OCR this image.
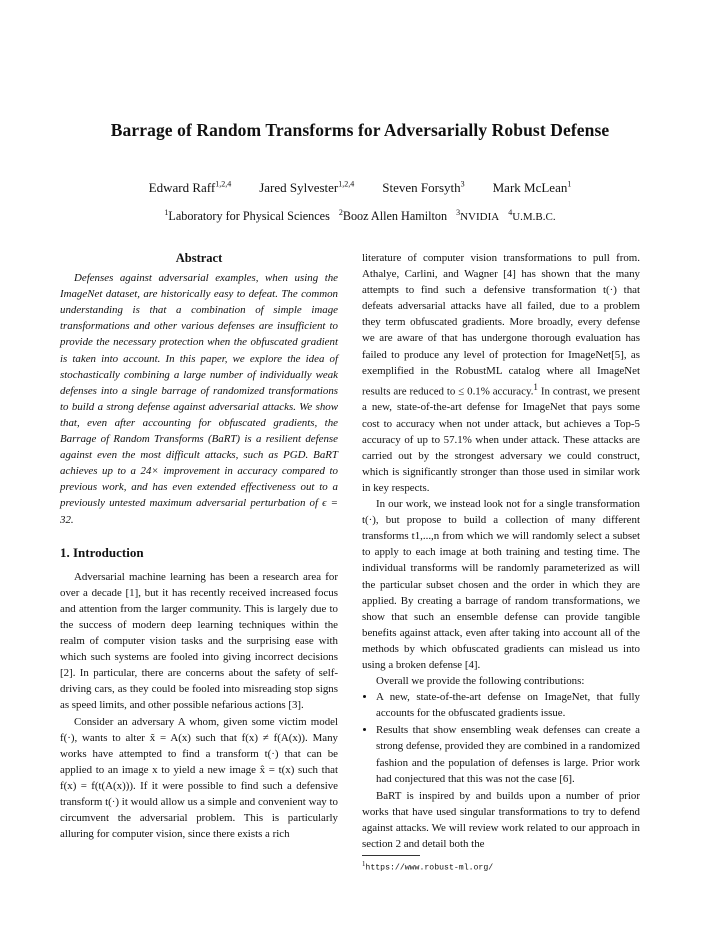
Barrage of Random Transforms for Adversarially Robust Defense
Edward Raff$^{1,2,4}$ Jared Sylvester$^{1,2,4}$ Steven Forsyth$^3$ Mark McLean$^1$
$^1$Laboratory for Physical Sciences $^2$Booz Allen Hamilton $^3$NVIDIA $^4$U.M.B.C.
Abstract

Defenses against adversarial examples, when using the ImageNet dataset, are historically easy to defeat. The common understanding is that a combination of simple image transformations and other various defenses are insufficient to provide the necessary protection when the obfuscated gradient is taken into account. In this paper, we explore the idea of stochastically combining a large number of individually weak defenses into a single barrage of randomized transformations to build a strong defense against adversarial attacks. We show that, even after accounting for obfuscated gradients, the Barrage of Random Transforms (BaRT) is a resilient defense against even the most difficult attacks, such as PGD. BaRT achieves up to a 24× improvement in accuracy compared to previous work, and has even extended effectiveness out to a previously untested maximum adversarial perturbation of ϵ = 32.

1. Introduction

Adversarial machine learning has been a research area for over a decade [1], but it has recently received increased focus and attention from the larger community. This is largely due to the success of modern deep learning techniques within the realm of computer vision tasks and the surprising ease with which such systems are fooled into giving incorrect decisions [2]. In particular, there are concerns about the safety of self-driving cars, as they could be fooled into misreading stop signs as speed limits, and other possible nefarious actions [3].

Consider an adversary A whom, given some victim model f(·), wants to alter x̃ = A(x) such that f(x) ≠ f(A(x)). Many works have attempted to find a transform t(·) that can be applied to an image x to yield a new image x̂ = t(x) such that f(x) = f(t(A(x))). If it were possible to find such a defensive transform t(·) it would allow us a simple and convenient way to circumvent the adversarial problem. This is particularly alluring for computer vision, since there exists a rich

literature of computer vision transformations to pull from. Athalye, Carlini, and Wagner [4] has shown that the many attempts to find such a defensive transformation t(·) that defeats adversarial attacks have all failed, due to a problem they term obfuscated gradients. More broadly, every defense we are aware of that has undergone thorough evaluation has failed to produce any level of protection for ImageNet[5], as exemplified in the RobustML catalog where all ImageNet results are reduced to ≤ 0.1% accuracy.$^1$ In contrast, we present a new, state-of-the-art defense for ImageNet that pays some cost to accuracy when not under attack, but achieves a Top-5 accuracy of up to 57.1% when under attack. These attacks are carried out by the strongest adversary we could construct, which is significantly stronger than those used in similar work in key respects.

In our work, we instead look not for a single transformation t(·), but propose to build a collection of many different transforms t1,...,n from which we will randomly select a subset to apply to each image at both training and testing time. The individual transforms will be randomly parameterized as will the particular subset chosen and the order in which they are applied. By creating a barrage of random transformations, we show that such an ensemble defense can provide tangible benefits against attack, even after taking into account all of the methods by which obfuscated gradients can mislead us into using a broken defense [4].

Overall we provide the following contributions:

• A new, state-of-the-art defense on ImageNet, that fully accounts for the obfuscated gradients issue.
• Results that show ensembling weak defenses can create a strong defense, provided they are combined in a randomized fashion and the population of defenses is large. Prior work had conjectured that this was not the case [6].

BaRT is inspired by and builds upon a number of prior works that have used singular transformations to try to defend against attacks. We will review work related to our approach in section 2 and detail both the

$^1$https://www.robust-ml.org/
